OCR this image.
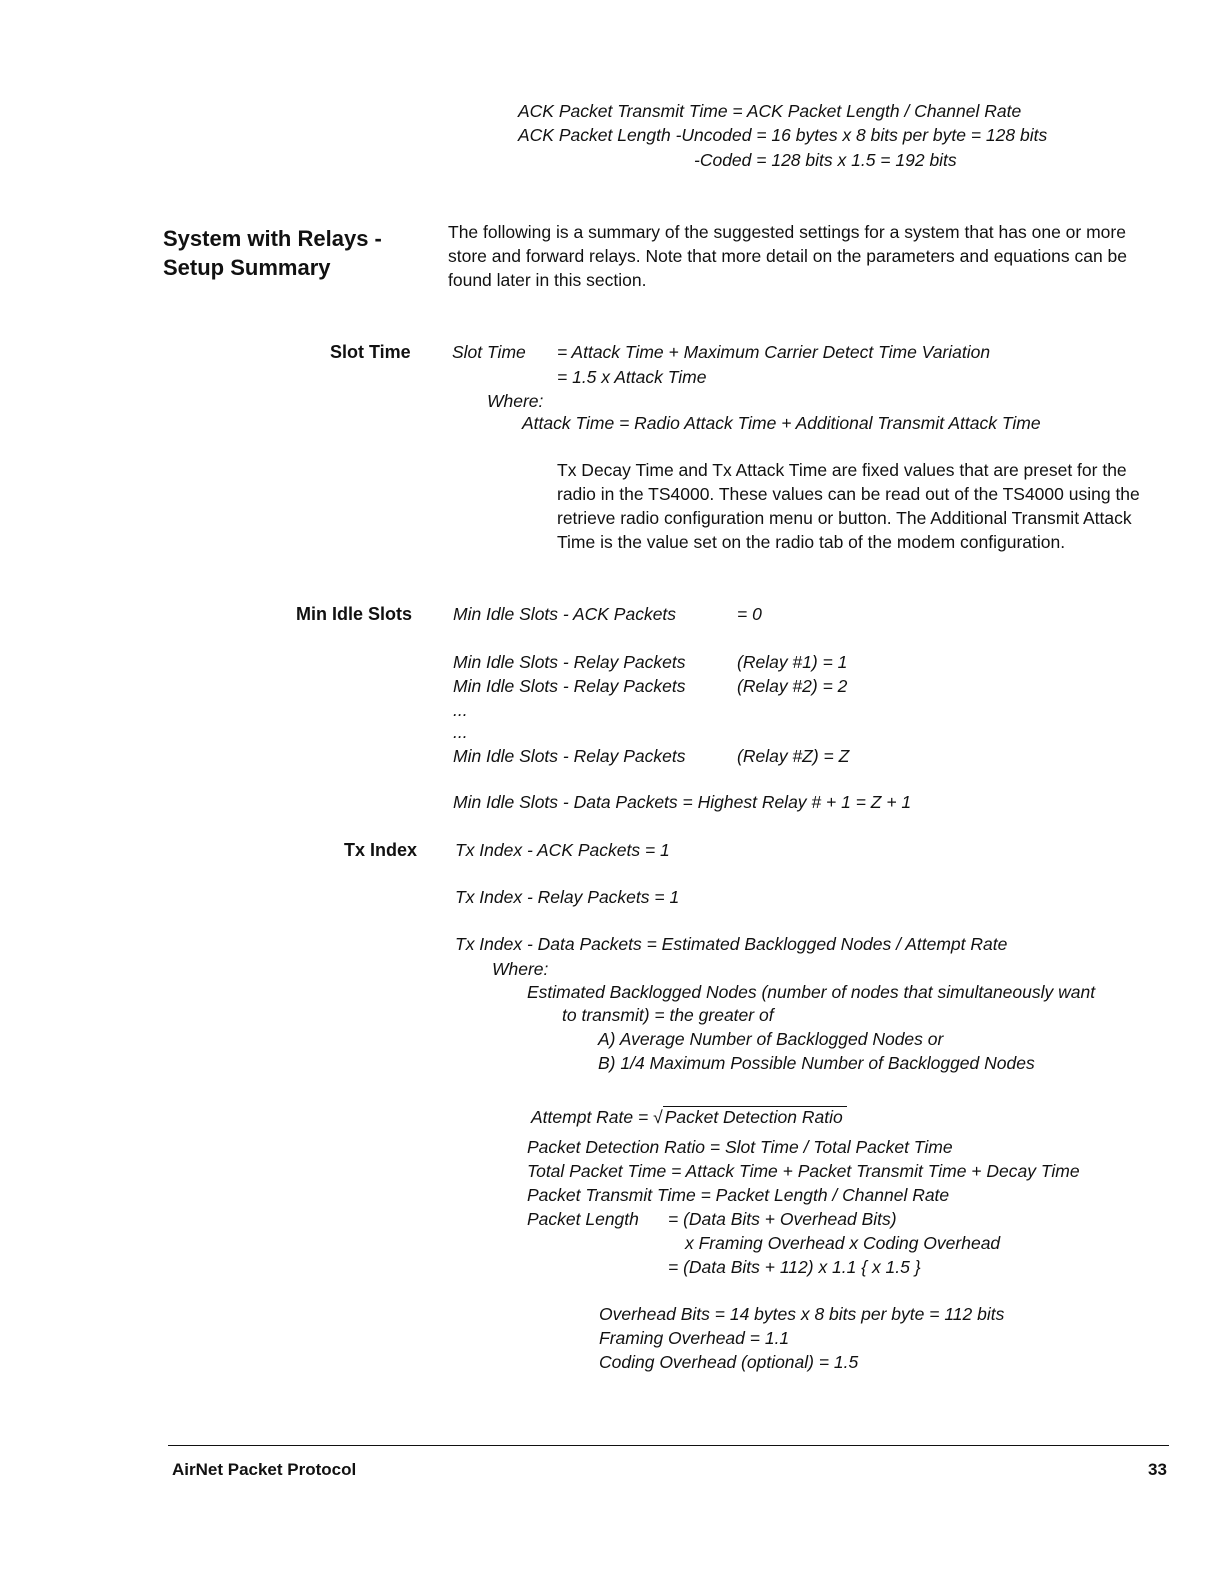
ACK Packet Transmit Time = ACK Packet Length / Channel Rate
ACK Packet Length -Uncoded = 16 bytes x 8 bits per byte = 128 bits
-Coded = 128 bits x 1.5 = 192 bits
System with Relays -
Setup Summary
The following is a summary of the suggested settings for a system that has one or more store and forward relays. Note that more detail on the parameters and equations can be found later in this section.
Slot Time Slot Time = Attack Time + Maximum Carrier Detect Time Variation
= 1.5 x Attack Time
Where:
Attack Time = Radio Attack Time + Additional Transmit Attack Time
Tx Decay Time and Tx Attack Time are fixed values that are preset for the radio in the TS4000. These values can be read out of the TS4000 using the retrieve radio configuration menu or button. The Additional Transmit Attack Time is the value set on the radio tab of the modem configuration.
Min Idle Slots Min Idle Slots - ACK Packets	= 0
Min Idle Slots - Relay Packets	(Relay #1) = 1
Min Idle Slots - Relay Packets	(Relay #2) = 2
...
...
Min Idle Slots - Relay Packets	(Relay #Z) = Z
Min Idle Slots - Data Packets = Highest Relay # + 1 = Z + 1
Tx Index Tx Index - ACK Packets = 1
Tx Index - Relay Packets = 1
Tx Index - Data Packets = Estimated Backlogged Nodes / Attempt Rate
Where:
Estimated Backlogged Nodes (number of nodes that simultaneously want
to transmit) = the greater of
A) Average Number of Backlogged Nodes or
B) 1/4 Maximum Possible Number of Backlogged Nodes
Attempt Rate = √ Packet Detection Ratio
Packet Detection Ratio = Slot Time / Total Packet Time
Total Packet Time = Attack Time + Packet Transmit Time + Decay Time
Packet Transmit Time = Packet Length / Channel Rate
Packet Length = (Data Bits + Overhead Bits)
x Framing Overhead x Coding Overhead
= (Data Bits + 112) x 1.1 { x 1.5 }
Overhead Bits = 14 bytes x 8 bits per byte = 112 bits
Framing Overhead = 1.1
Coding Overhead (optional) = 1.5
AirNet Packet Protocol	33
